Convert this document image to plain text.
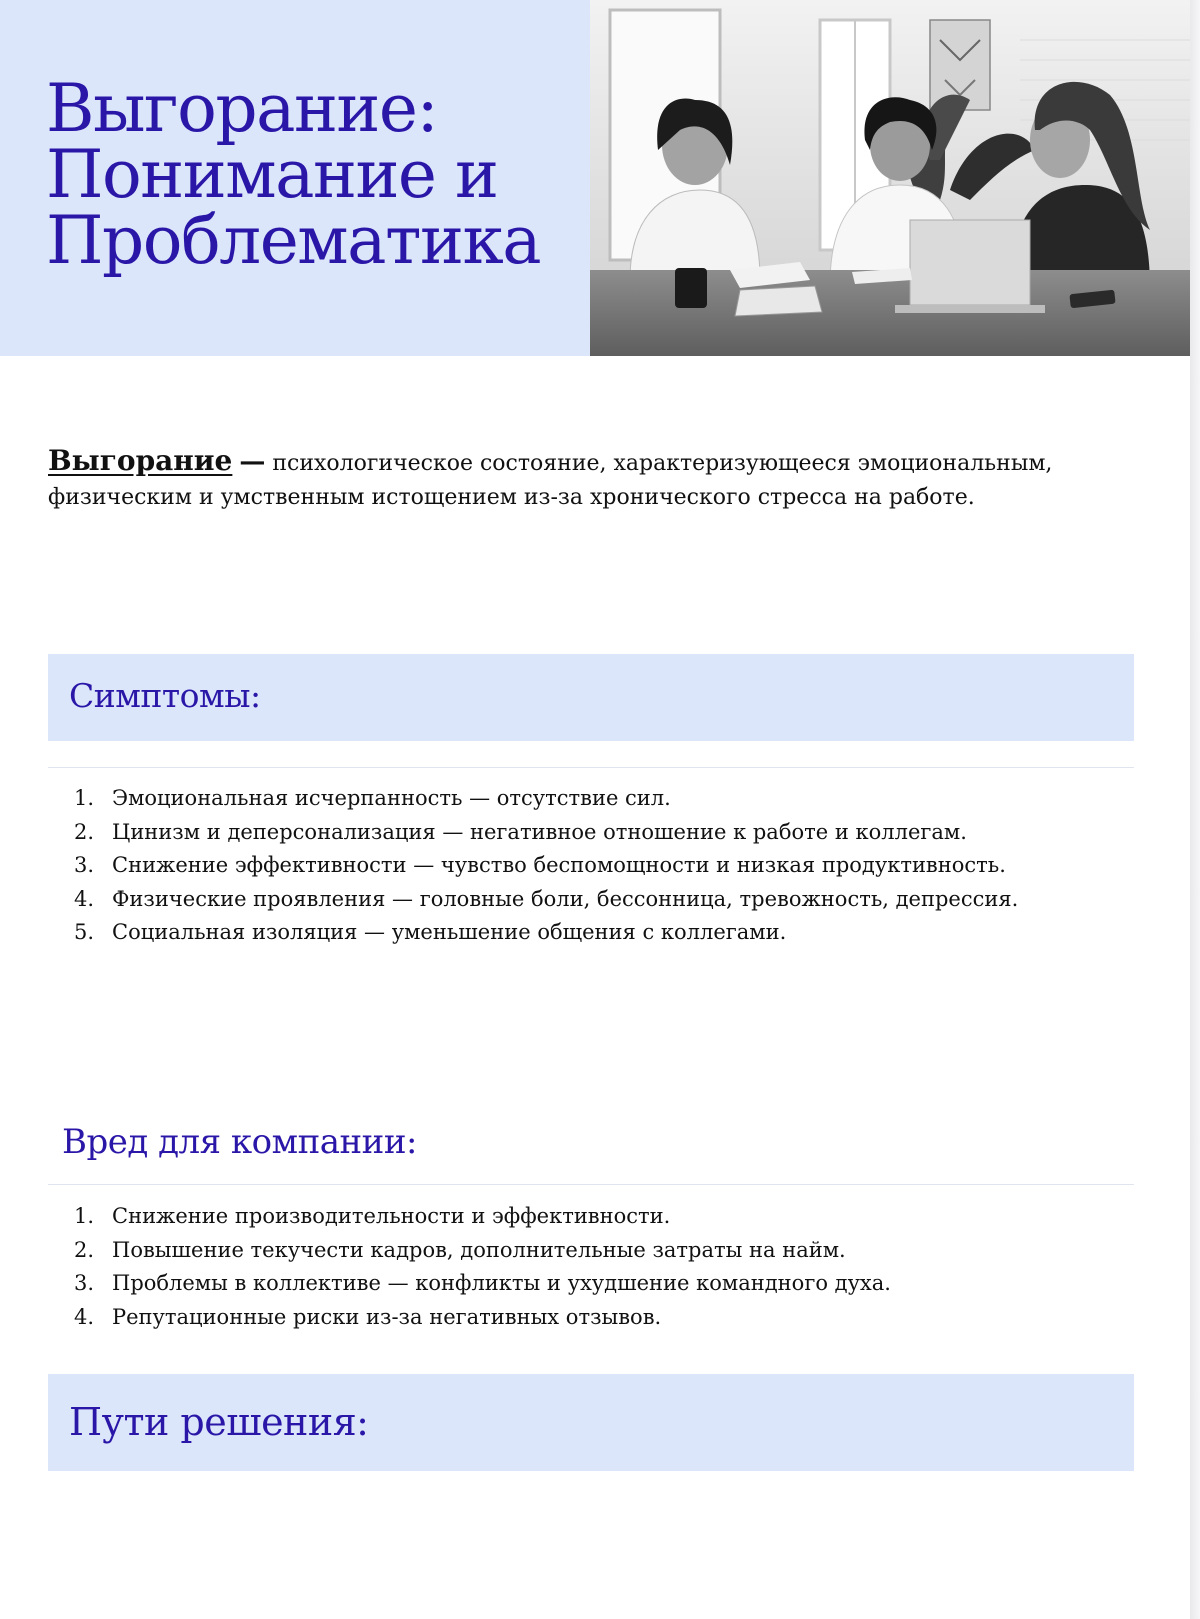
Выгорание:
Понимание и
Проблематика

Выгорание — психологическое состояние, характеризующееся эмоциональным, физическим и умственным истощением из-за хронического стресса на работе.

Симптомы:
1. Эмоциональная исчерпанность — отсутствие сил.
2. Цинизм и деперсонализация — негативное отношение к работе и коллегам.
3. Снижение эффективности — чувство беспомощности и низкая продуктивность.
4. Физические проявления — головные боли, бессонница, тревожность, депрессия.
5. Социальная изоляция — уменьшение общения с коллегами.
Вред для компании:
1. Снижение производительности и эффективности.
2. Повышение текучести кадров, дополнительные затраты на найм.
3. Проблемы в коллективе — конфликты и ухудшение командного духа.
4. Репутационные риски из-за негативных отзывов.
Пути решения:
